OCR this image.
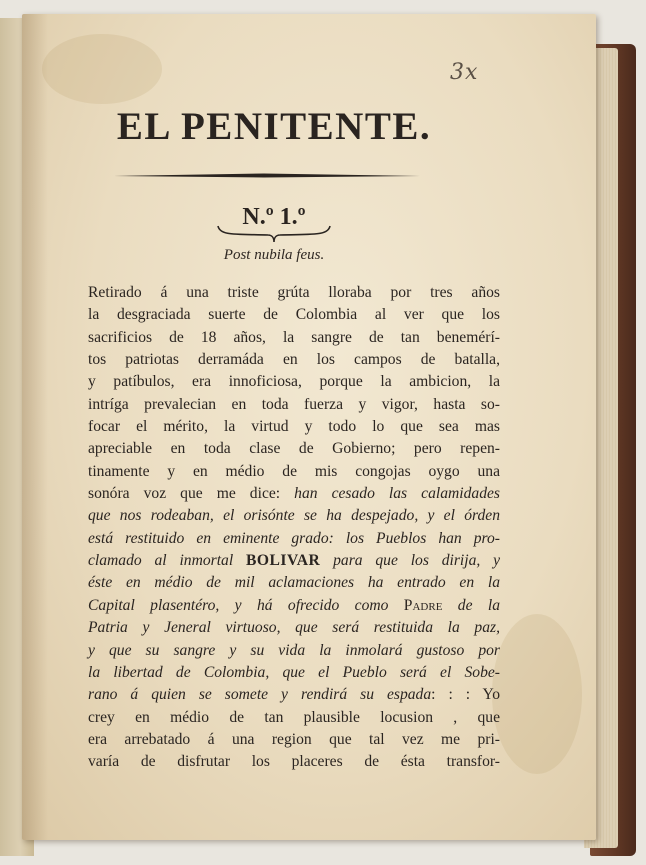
3x
EL PENITENTE.
N.º 1.º
Post nubila feus.
Retirado á una triste grúta lloraba por tres años
la desgraciada suerte de Colombia al ver que los
sacrificios de 18 años, la sangre de tan benemérí-
tos patriotas derramáda en los campos de batalla,
y patíbulos, era innoficiosa, porque la ambicion, la
intríga prevalecian en toda fuerza y vigor, hasta so-
focar el mérito, la virtud y todo lo que sea mas
apreciable en toda clase de Gobierno; pero repen-
tinamente y en médio de mis congojas oygo una
sonóra voz que me dice: han cesado las calamidades
que nos rodeaban, el orisónte se ha despejado, y el órden
está restituido en eminente grado: los Pueblos han pro-
clamado al inmortal BOLIVAR para que los dirija, y
éste en médio de mil aclamaciones ha entrado en la
Capital plasentéro, y há ofrecido como Padre de la
Patria y Jeneral virtuoso, que será restituida la paz,
y que su sangre y su vida la inmolará gustoso por
la libertad de Colombia, que el Pueblo será el Sobe-
rano á quien se somete y rendirá su espada: : : Yo
crey en médio de tan plausible locusion , que
era arrebatado á una region que tal vez me pri-
varía de disfrutar los placeres de ésta transfor-
